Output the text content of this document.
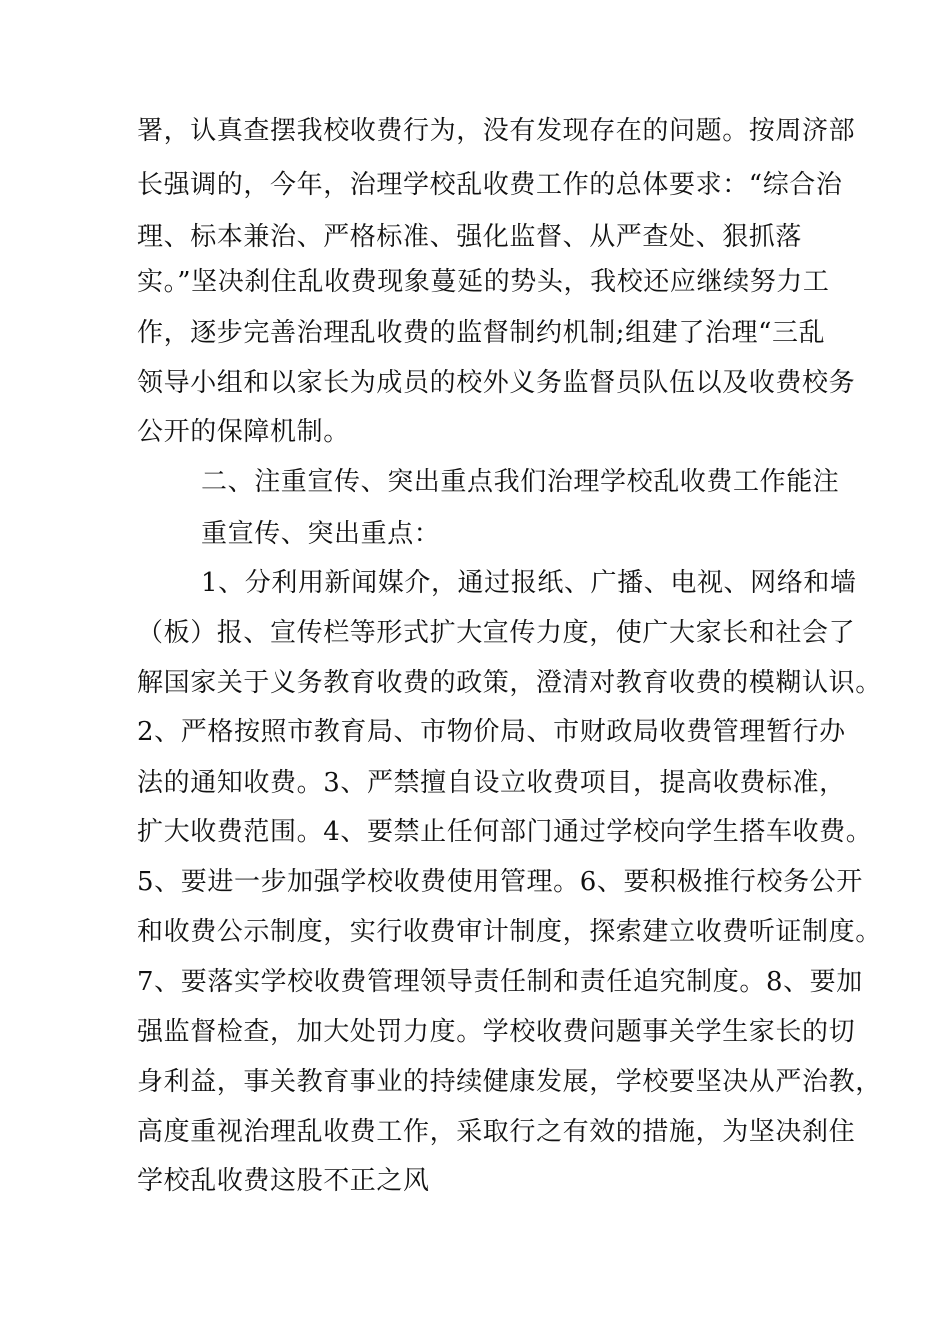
署，认真查摆我校收费行为，没有发现存在的问题。按周济部
长强调的，今年，治理学校乱收费工作的总体要求：“综合治
理、标本兼治、严格标准、强化监督、从严查处、狠抓落
实。”坚决刹住乱收费现象蔓延的势头，我校还应继续努力工
作，逐步完善治理乱收费的监督制约机制;组建了治理“三乱
领导小组和以家长为成员的校外义务监督员队伍以及收费校务
公开的保障机制。
二、注重宣传、突出重点我们治理学校乱收费工作能注
重宣传、突出重点：
1、分利用新闻媒介，通过报纸、广播、电视、网络和墙
（板）报、宣传栏等形式扩大宣传力度，使广大家长和社会了
解国家关于义务教育收费的政策，澄清对教育收费的模糊认识。
2、严格按照市教育局、市物价局、市财政局收费管理暂行办
法的通知收费。3、严禁擅自设立收费项目，提高收费标准，
扩大收费范围。4、要禁止任何部门通过学校向学生搭车收费。
5、要进一步加强学校收费使用管理。6、要积极推行校务公开
和收费公示制度，实行收费审计制度，探索建立收费听证制度。
7、要落实学校收费管理领导责任制和责任追究制度。8、要加
强监督检查，加大处罚力度。学校收费问题事关学生家长的切
身利益，事关教育事业的持续健康发展，学校要坚决从严治教，
高度重视治理乱收费工作，采取行之有效的措施，为坚决刹住
学校乱收费这股不正之风
